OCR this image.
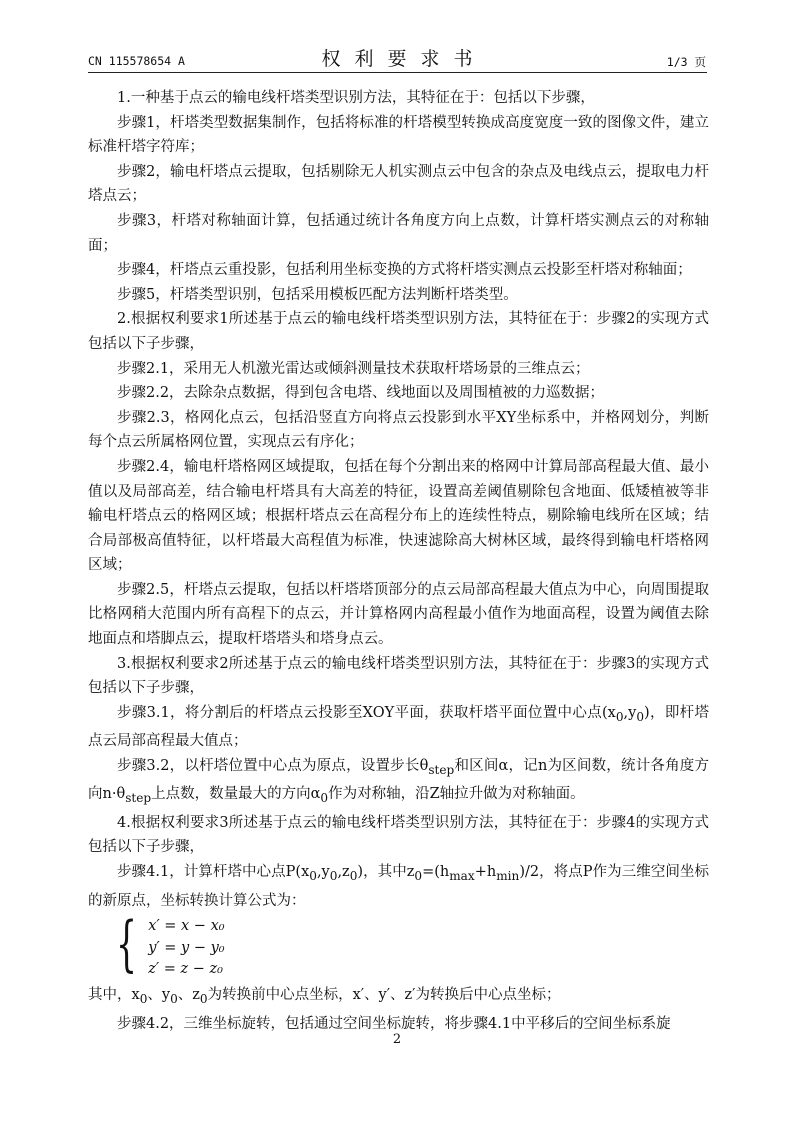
CN 115578654 A	权利要求书	1/3 页

1.一种基于点云的输电线杆塔类型识别方法，其特征在于：包括以下步骤，

步骤1，杆塔类型数据集制作，包括将标准的杆塔模型转换成高度宽度一致的图像文件，建立标准杆塔字符库；

步骤2，输电杆塔点云提取，包括剔除无人机实测点云中包含的杂点及电线点云，提取电力杆塔点云；

步骤3，杆塔对称轴面计算，包括通过统计各角度方向上点数，计算杆塔实测点云的对称轴面；

步骤4，杆塔点云重投影，包括利用坐标变换的方式将杆塔实测点云投影至杆塔对称轴面；

步骤5，杆塔类型识别，包括采用模板匹配方法判断杆塔类型。

2.根据权利要求1所述基于点云的输电线杆塔类型识别方法，其特征在于：步骤2的实现方式包括以下子步骤，

步骤2.1，采用无人机激光雷达或倾斜测量技术获取杆塔场景的三维点云；

步骤2.2，去除杂点数据，得到包含电塔、线地面以及周围植被的力巡数据；

步骤2.3，格网化点云，包括沿竖直方向将点云投影到水平XY坐标系中，并格网划分，判断每个点云所属格网位置，实现点云有序化；

步骤2.4，输电杆塔格网区域提取，包括在每个分割出来的格网中计算局部高程最大值、最小值以及局部高差，结合输电杆塔具有大高差的特征，设置高差阈值剔除包含地面、低矮植被等非输电杆塔点云的格网区域；根据杆塔点云在高程分布上的连续性特点，剔除输电线所在区域；结合局部极高值特征，以杆塔最大高程值为标准，快速滤除高大树林区域，最终得到输电杆塔格网区域；

步骤2.5，杆塔点云提取，包括以杆塔塔顶部分的点云局部高程最大值点为中心，向周围提取比格网稍大范围内所有高程下的点云，并计算格网内高程最小值作为地面高程，设置为阈值去除地面点和塔脚点云，提取杆塔塔头和塔身点云。

3.根据权利要求2所述基于点云的输电线杆塔类型识别方法，其特征在于：步骤3的实现方式包括以下子步骤，

步骤3.1，将分割后的杆塔点云投影至XOY平面，获取杆塔平面位置中心点$(x_0,y_0)$，即杆塔点云局部高程最大值点；

步骤3.2，以杆塔位置中心点为原点，设置步长$\theta_{step}$和区间α，记n为区间数，统计各角度方向$n\cdot\theta_{step}$上点数，数量最大的方向$\alpha_0$作为对称轴，沿Z轴拉升做为对称轴面。

4.根据权利要求3所述基于点云的输电线杆塔类型识别方法，其特征在于：步骤4的实现方式包括以下子步骤，

步骤4.1，计算杆塔中心点$P(x_0,y_0,z_0)$，其中$z_0=(h_{max}+h_{min})/2$，将点P作为三维空间坐标的新原点，坐标转换计算公式为：

{ x′ = x − x₀
y′ = y − y₀
z′ = z − z₀

其中，$x_0$、$y_0$、$z_0$为转换前中心点坐标，x′、y′、z′为转换后中心点坐标；

步骤4.2，三维坐标旋转，包括通过空间坐标旋转，将步骤4.1中平移后的空间坐标系旋

2
